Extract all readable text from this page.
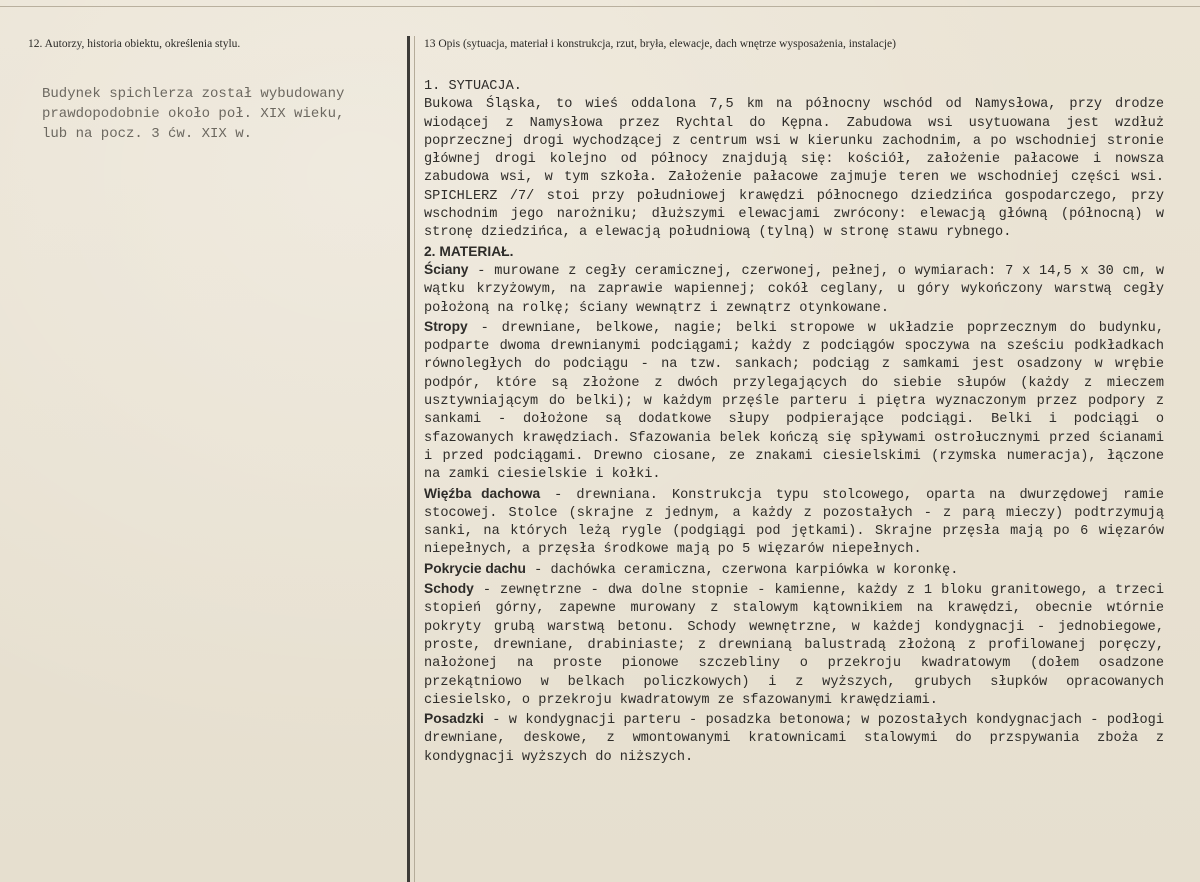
12. Autorzy, historia obiektu, określenia stylu.	13 Opis (sytuacja, materiał i konstrukcja, rzut, bryła, elewacje, dach wnętrze wysposażenia, instalacje)
Budynek spichlerza został wybudowany
prawdopodobnie około poł. XIX wieku,
lub na pocz. 3 ćw. XIX w.

1. SYTUACJA.

Bukowa Śląska, to wieś oddalona 7,5 km na północny wschód od Namysłowa, przy drodze wiodącej z Namysłowa przez Rychtal do Kępna. Zabudowa wsi usytuowana jest wzdłuż poprzecznej drogi wychodzącej z centrum wsi w kierunku zachodnim, a po wschodniej stronie głównej drogi kolejno od północy znajdują się: kościół, założenie pałacowe i nowsza zabudowa wsi, w tym szkoła. Założenie pałacowe zajmuje teren we wschodniej części wsi. SPICHLERZ /7/ stoi przy południowej krawędzi północnego dziedzińca gospodarczego, przy wschodnim jego narożniku; dłuższymi elewacjami zwrócony: elewacją główną (północną) w stronę dziedzińca, a elewacją południową (tylną) w stronę stawu rybnego.

2. MATERIAŁ.

Ściany - murowane z cegły ceramicznej, czerwonej, pełnej, o wymiarach: 7 x 14,5 x 30 cm, w wątku krzyżowym, na zaprawie wapiennej; cokół ceglany, u góry wykończony warstwą cegły położoną na rolkę; ściany wewnątrz i zewnątrz otynkowane.

Stropy - drewniane, belkowe, nagie; belki stropowe w układzie poprzecznym do budynku, podparte dwoma drewnianymi podciągami; każdy z podciągów spoczywa na sześciu podkładkach równoległych do podciągu - na tzw. sankach; podciąg z samkami jest osadzony w wrębie podpór, które są złożone z dwóch przylegających do siebie słupów (każdy z mieczem usztywniającym do belki); w każdym przęśle parteru i piętra wyznaczonym przez podpory z sankami - dołożone są dodatkowe słupy podpierające podciągi. Belki i podciągi o sfazowanych krawędziach. Sfazowania belek kończą się spływami ostrołucznymi przed ścianami i przed podciągami. Drewno ciosane, ze znakami ciesielskimi (rzymska numeracja), łączone na zamki ciesielskie i kołki.

Więźba dachowa - drewniana. Konstrukcja typu stolcowego, oparta na dwurzędowej ramie stocowej. Stolce (skrajne z jednym, a każdy z pozostałych - z parą mieczy) podtrzymują sanki, na których leżą rygle (podgiągi pod jętkami). Skrajne przęsła mają po 6 więzarów niepełnych, a przęsła środkowe mają po 5 więzarów niepełnych.

Pokrycie dachu - dachówka ceramiczna, czerwona karpiówka w koronkę.

Schody - zewnętrzne - dwa dolne stopnie - kamienne, każdy z 1 bloku granitowego, a trzeci stopień górny, zapewne murowany z stalowym kątownikiem na krawędzi, obecnie wtórnie pokryty grubą warstwą betonu. Schody wewnętrzne, w każdej kondygnacji - jednobiegowe, proste, drewniane, drabiniaste; z drewnianą balustradą złożoną z profilowanej poręczy, nałożonej na proste pionowe szczebliny o przekroju kwadratowym (dołem osadzone przekątniowo w belkach policzkowych) i z wyższych, grubych słupków opracowanych ciesielsko, o przekroju kwadratowym ze sfazowanymi krawędziami.

Posadzki - w kondygnacji parteru - posadzka betonowa; w pozostałych kondygnacjach - podłogi drewniane, deskowe, z wmontowanymi kratownicami stalowymi do przspywania zboża z kondygnacji wyższych do niższych.
